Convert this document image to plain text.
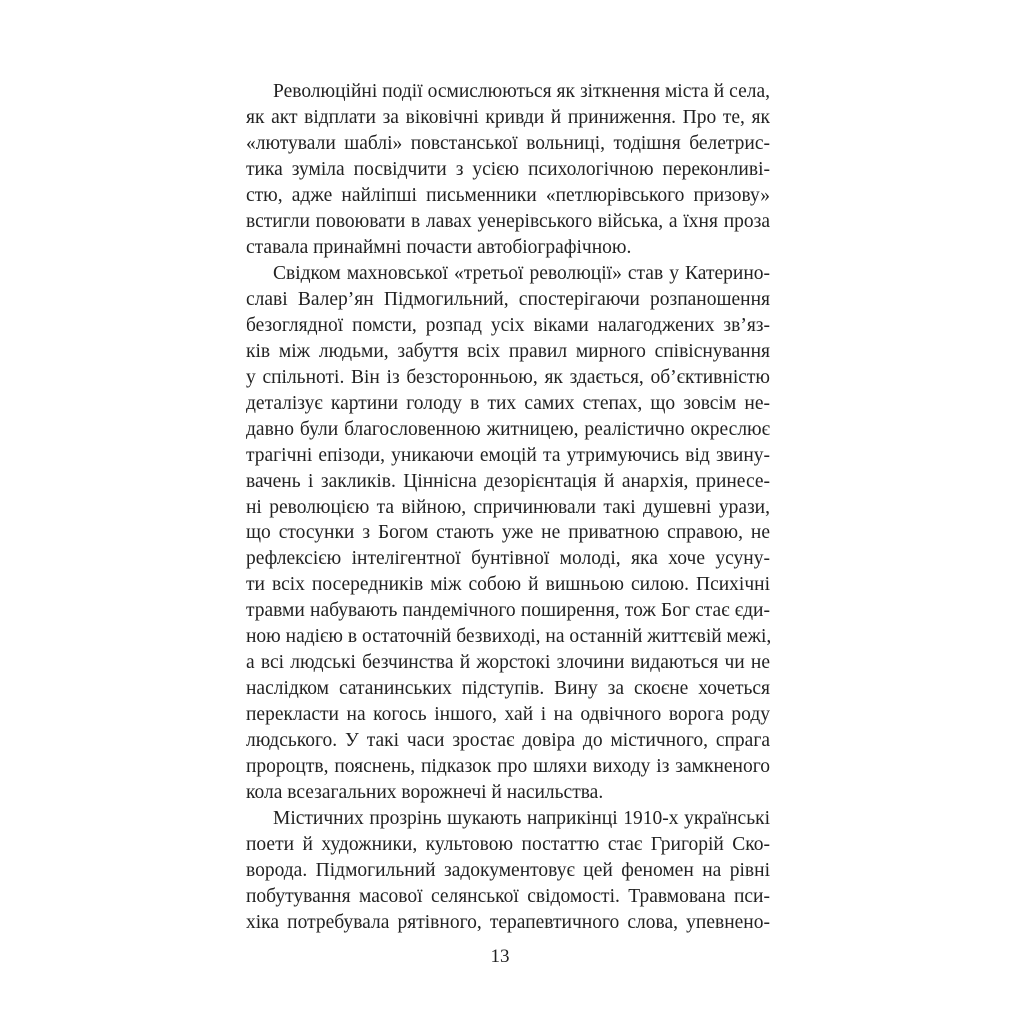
Революційні події осмислюються як зіткнення міста й села,
як акт відплати за віковічні кривди й приниження. Про те, як
«лютували шаблі» повстанської вольниці, тодішня белетрис-
тика зуміла посвідчити з усією психологічною переконливі-
стю, адже найліпші письменники «петлюрівського призову»
встигли повоювати в лавах уенерівського війська, а їхня проза
ставала принаймні почасти автобіографічною.
Свідком махновської «третьої революції» став у Катерино-
славі Валер’ян Підмогильний, спостерігаючи розпаношення
безоглядної помсти, розпад усіх віками налагоджених зв’яз-
ків між людьми, забуття всіх правил мирного співіснування
у спільноті. Він із безсторонньою, як здається, об’єктивністю
деталізує картини голоду в тих самих степах, що зовсім не-
давно були благословенною житницею, реалістично окреслює
трагічні епізоди, уникаючи емоцій та утримуючись від звину-
вачень і закликів. Ціннісна дезорієнтація й анархія, принесе-
ні революцією та війною, спричинювали такі душевні урази,
що стосунки з Богом стають уже не приватною справою, не
рефлексією інтелігентної бунтівної молоді, яка хоче усуну-
ти всіх посередників між собою й вишньою силою. Психічні
травми набувають пандемічного поширення, тож Бог стає єди-
ною надією в остаточній безвиході, на останній життєвій межі,
а всі людські безчинства й жорстокі злочини видаються чи не
наслідком сатанинських підступів. Вину за скоєне хочеться
перекласти на когось іншого, хай і на одвічного ворога роду
людського. У такі часи зростає довіра до містичного, спрага
пророцтв, пояснень, підказок про шляхи виходу із замкненого
кола всезагальних ворожнечі й насильства.
Містичних прозрінь шукають наприкінці 1910-х українські
поети й художники, культовою постаттю стає Григорій Ско-
ворода. Підмогильний задокументовує цей феномен на рівні
побутування масової селянської свідомості. Травмована пси-
хіка потребувала рятівного, терапевтичного слова, упевнено-
13
